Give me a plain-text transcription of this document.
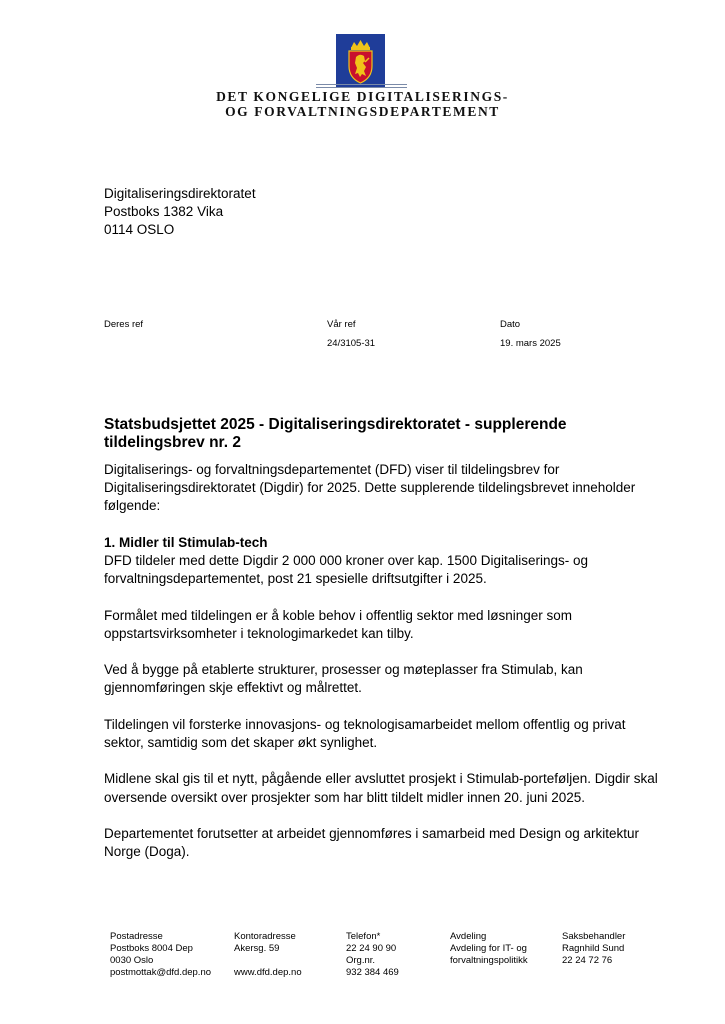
DET KONGELIGE DIGITALISERINGS-
OG FORVALTNINGSDEPARTEMENT
Digitaliseringsdirektoratet
Postboks 1382 Vika
0114 OSLO
Deres ref	Vår ref
24/3105-31
Dato
19. mars 2025
Statsbudsjettet 2025 - Digitaliseringsdirektoratet - supplerende tildelingsbrev nr. 2

Digitaliserings- og forvaltningsdepartementet (DFD) viser til tildelingsbrev for Digitaliseringsdirektoratet (Digdir) for 2025. Dette supplerende tildelingsbrevet inneholder følgende:

1. Midler til Stimulab-tech

DFD tildeler med dette Digdir 2 000 000 kroner over kap. 1500 Digitaliserings- og forvaltningsdepartementet, post 21 spesielle driftsutgifter i 2025.

Formålet med tildelingen er å koble behov i offentlig sektor med løsninger som oppstartsvirksomheter i teknologimarkedet kan tilby.

Ved å bygge på etablerte strukturer, prosesser og møteplasser fra Stimulab, kan gjennomføringen skje effektivt og målrettet.

Tildelingen vil forsterke innovasjons- og teknologisamarbeidet mellom offentlig og privat sektor, samtidig som det skaper økt synlighet.

Midlene skal gis til et nytt, pågående eller avsluttet prosjekt i Stimulab-porteføljen. Digdir skal oversende oversikt over prosjekter som har blitt tildelt midler innen 20. juni 2025.

Departementet forutsetter at arbeidet gjennomføres i samarbeid med Design og arkitektur Norge (Doga).

Postadresse
Postboks 8004 Dep
0030 Oslo
postmottak@dfd.dep.no
Kontoradresse
Akersg. 59

www.dfd.dep.no
Telefon*
22 24 90 90
Org.nr.
932 384 469
Avdeling
Avdeling for IT- og
forvaltningspolitikk
Saksbehandler
Ragnhild Sund
22 24 72 76
